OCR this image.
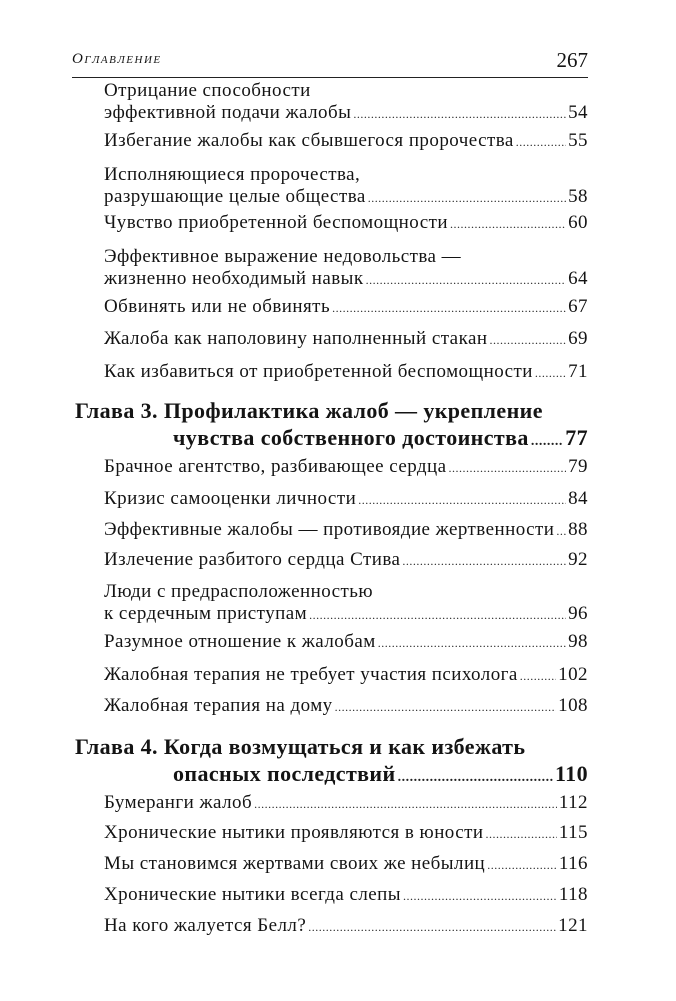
Оглавление	267
Отрицание способности
эффективной подачи жалобы .....	54
Избегание жалобы как сбывшегося пророчества .....	55
Исполняющиеся пророчества,
разрушающие целые общества .....	58
Чувство приобретенной беспомощности .....	60
Эффективное выражение недовольства —
жизненно необходимый навык .....	64
Обвинять или не обвинять .....	67
Жалоба как наполовину наполненный стакан .....	69
Как избавиться от приобретенной беспомощности ..... 71
Глава 3. Профилактика жалоб — укрепление
чувства собственного достоинства ..... 77
Брачное агентство, разбивающее сердца .....	79
Кризис самооценки личности .....	84
Эффективные жалобы — противоядие жертвенности ..... 88
Излечение разбитого сердца Стива .....	92
Люди с предрасположенностью
к сердечным приступам .....	96
Разумное отношение к жалобам .....	98
Жалобная терапия не требует участия психолога ..... 102
Жалобная терапия на дому .....	108
Глава 4. Когда возмущаться и как избежать
опасных последствий .....	110
Бумеранги жалоб .....	112
Хронические нытики проявляются в юности .....	115
Мы становимся жертвами своих же небылиц .....	116
Хронические нытики всегда слепы .....	118
На кого жалуется Белл? .....	121
